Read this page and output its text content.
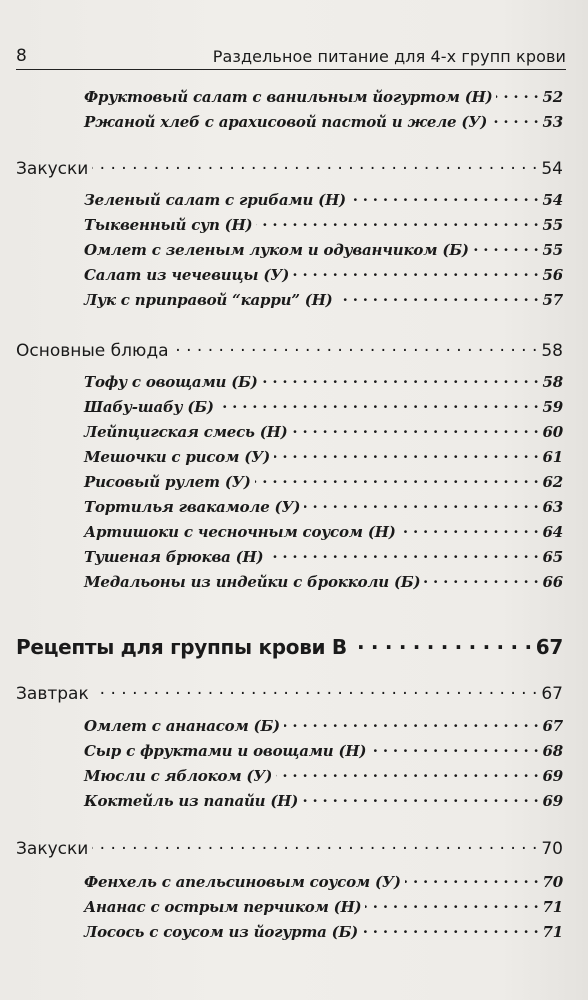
8	Раздельное питание для 4-х групп крови
Фруктовый салат с ванильным йогуртом (Н) . . .	52
Ржаной хлеб с арахисовой пастой и желе (У) . . .	53
Закуски . . .	54
Зеленый салат с грибами (Н) . . .	54
Тыквенный суп (Н) . . .	55
Омлет с зеленым луком и одуванчиком (Б) . . .	55
Салат из чечевицы (У) . . .	56
Лук с приправой “карри” (Н) . . .	57
Основные блюда . . .	58
Тофу с овощами (Б) . . .	58
Шабу-шабу (Б) . . .	59
Лейпцигская смесь (Н) . . .	60
Мешочки с рисом (У) . . .	61
Рисовый рулет (У) . . .	62
Тортилья гвакамоле (У) . . .	63
Артишоки с чесночным соусом (Н) . . .	64
Тушеная брюква (Н) . . .	65
Медальоны из индейки с брокколи (Б) . . .	66
Рецепты для группы крови В . . .	67
Завтрак . . .	67
Омлет с ананасом (Б) . . .	67
Сыр с фруктами и овощами (Н) . . .	68
Мюсли с яблоком (У) . . .	69
Коктейль из папайи (Н) . . .	69
Закуски . . .	70
Фенхель с апельсиновым соусом (У) . . .	70
Ананас с острым перчиком (Н) . . .	71
Лосось с соусом из йогурта (Б) . . .	71
